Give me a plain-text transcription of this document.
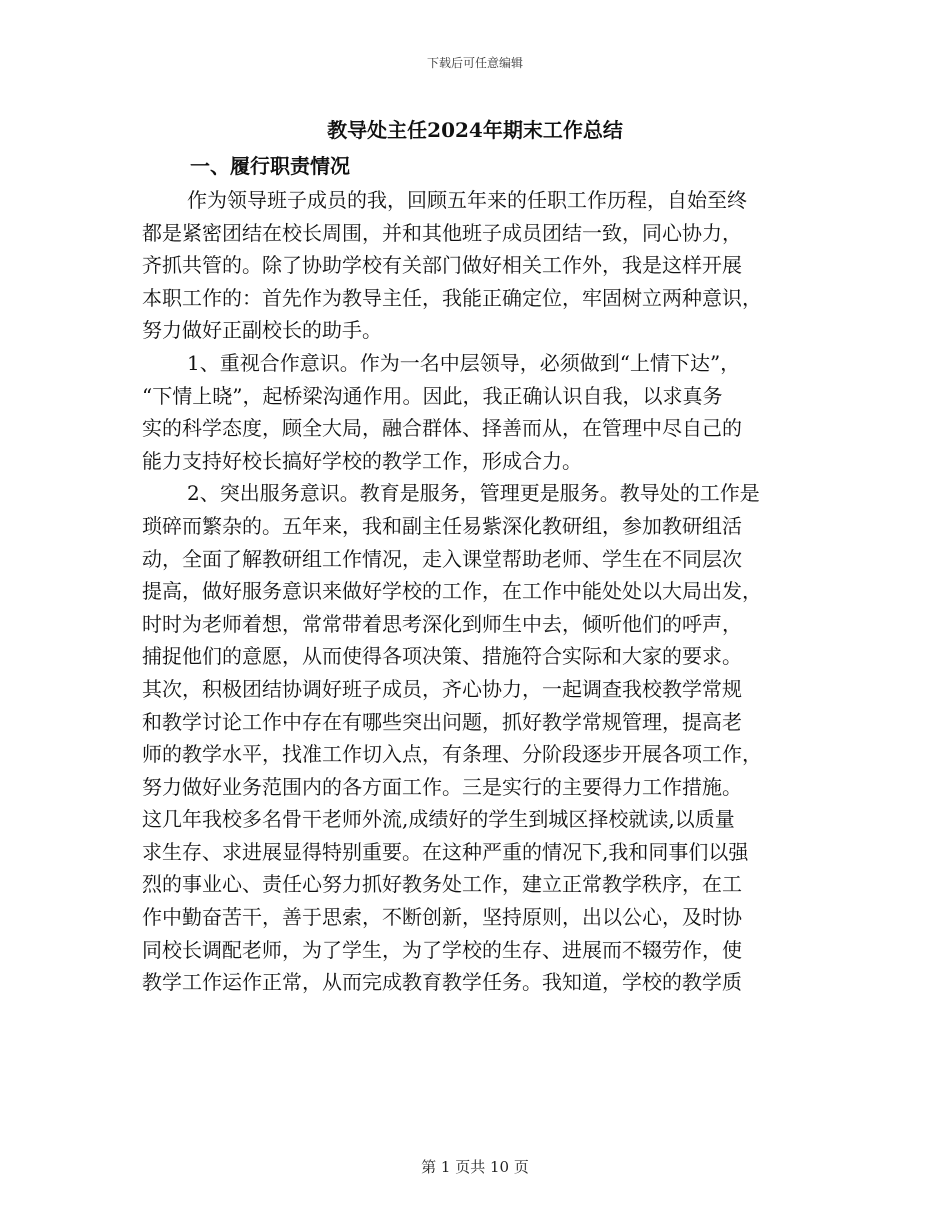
下载后可任意编辑
教导处主任2024年期末工作总结
一、履行职责情况
作为领导班子成员的我，回顾五年来的任职工作历程，自始至终
都是紧密团结在校长周围，并和其他班子成员团结一致，同心协力，
齐抓共管的。除了协助学校有关部门做好相关工作外，我是这样开展
本职工作的：首先作为教导主任，我能正确定位，牢固树立两种意识，
努力做好正副校长的助手。
1、重视合作意识。作为一名中层领导，必须做到“上情下达”，
“下情上晓”，起桥梁沟通作用。因此，我正确认识自我，以求真务
实的科学态度，顾全大局，融合群体、择善而从，在管理中尽自己的
能力支持好校长搞好学校的教学工作，形成合力。
2、突出服务意识。教育是服务，管理更是服务。教导处的工作是
琐碎而繁杂的。五年来，我和副主任易紫深化教研组，参加教研组活
动，全面了解教研组工作情况，走入课堂帮助老师、学生在不同层次
提高，做好服务意识来做好学校的工作，在工作中能处处以大局出发，
时时为老师着想，常常带着思考深化到师生中去，倾听他们的呼声，
捕捉他们的意愿，从而使得各项决策、措施符合实际和大家的要求。
其次，积极团结协调好班子成员，齐心协力，一起调查我校教学常规
和教学讨论工作中存在有哪些突出问题，抓好教学常规管理，提高老
师的教学水平，找准工作切入点，有条理、分阶段逐步开展各项工作，
努力做好业务范围内的各方面工作。三是实行的主要得力工作措施。
这几年我校多名骨干老师外流,成绩好的学生到城区择校就读,以质量
求生存、求进展显得特别重要。在这种严重的情况下,我和同事们以强
烈的事业心、责任心努力抓好教务处工作，建立正常教学秩序，在工
作中勤奋苦干，善于思索，不断创新，坚持原则，出以公心，及时协
同校长调配老师，为了学生，为了学校的生存、进展而不辍劳作，使
教学工作运作正常，从而完成教育教学任务。我知道，学校的教学质
第 1 页共 10 页
